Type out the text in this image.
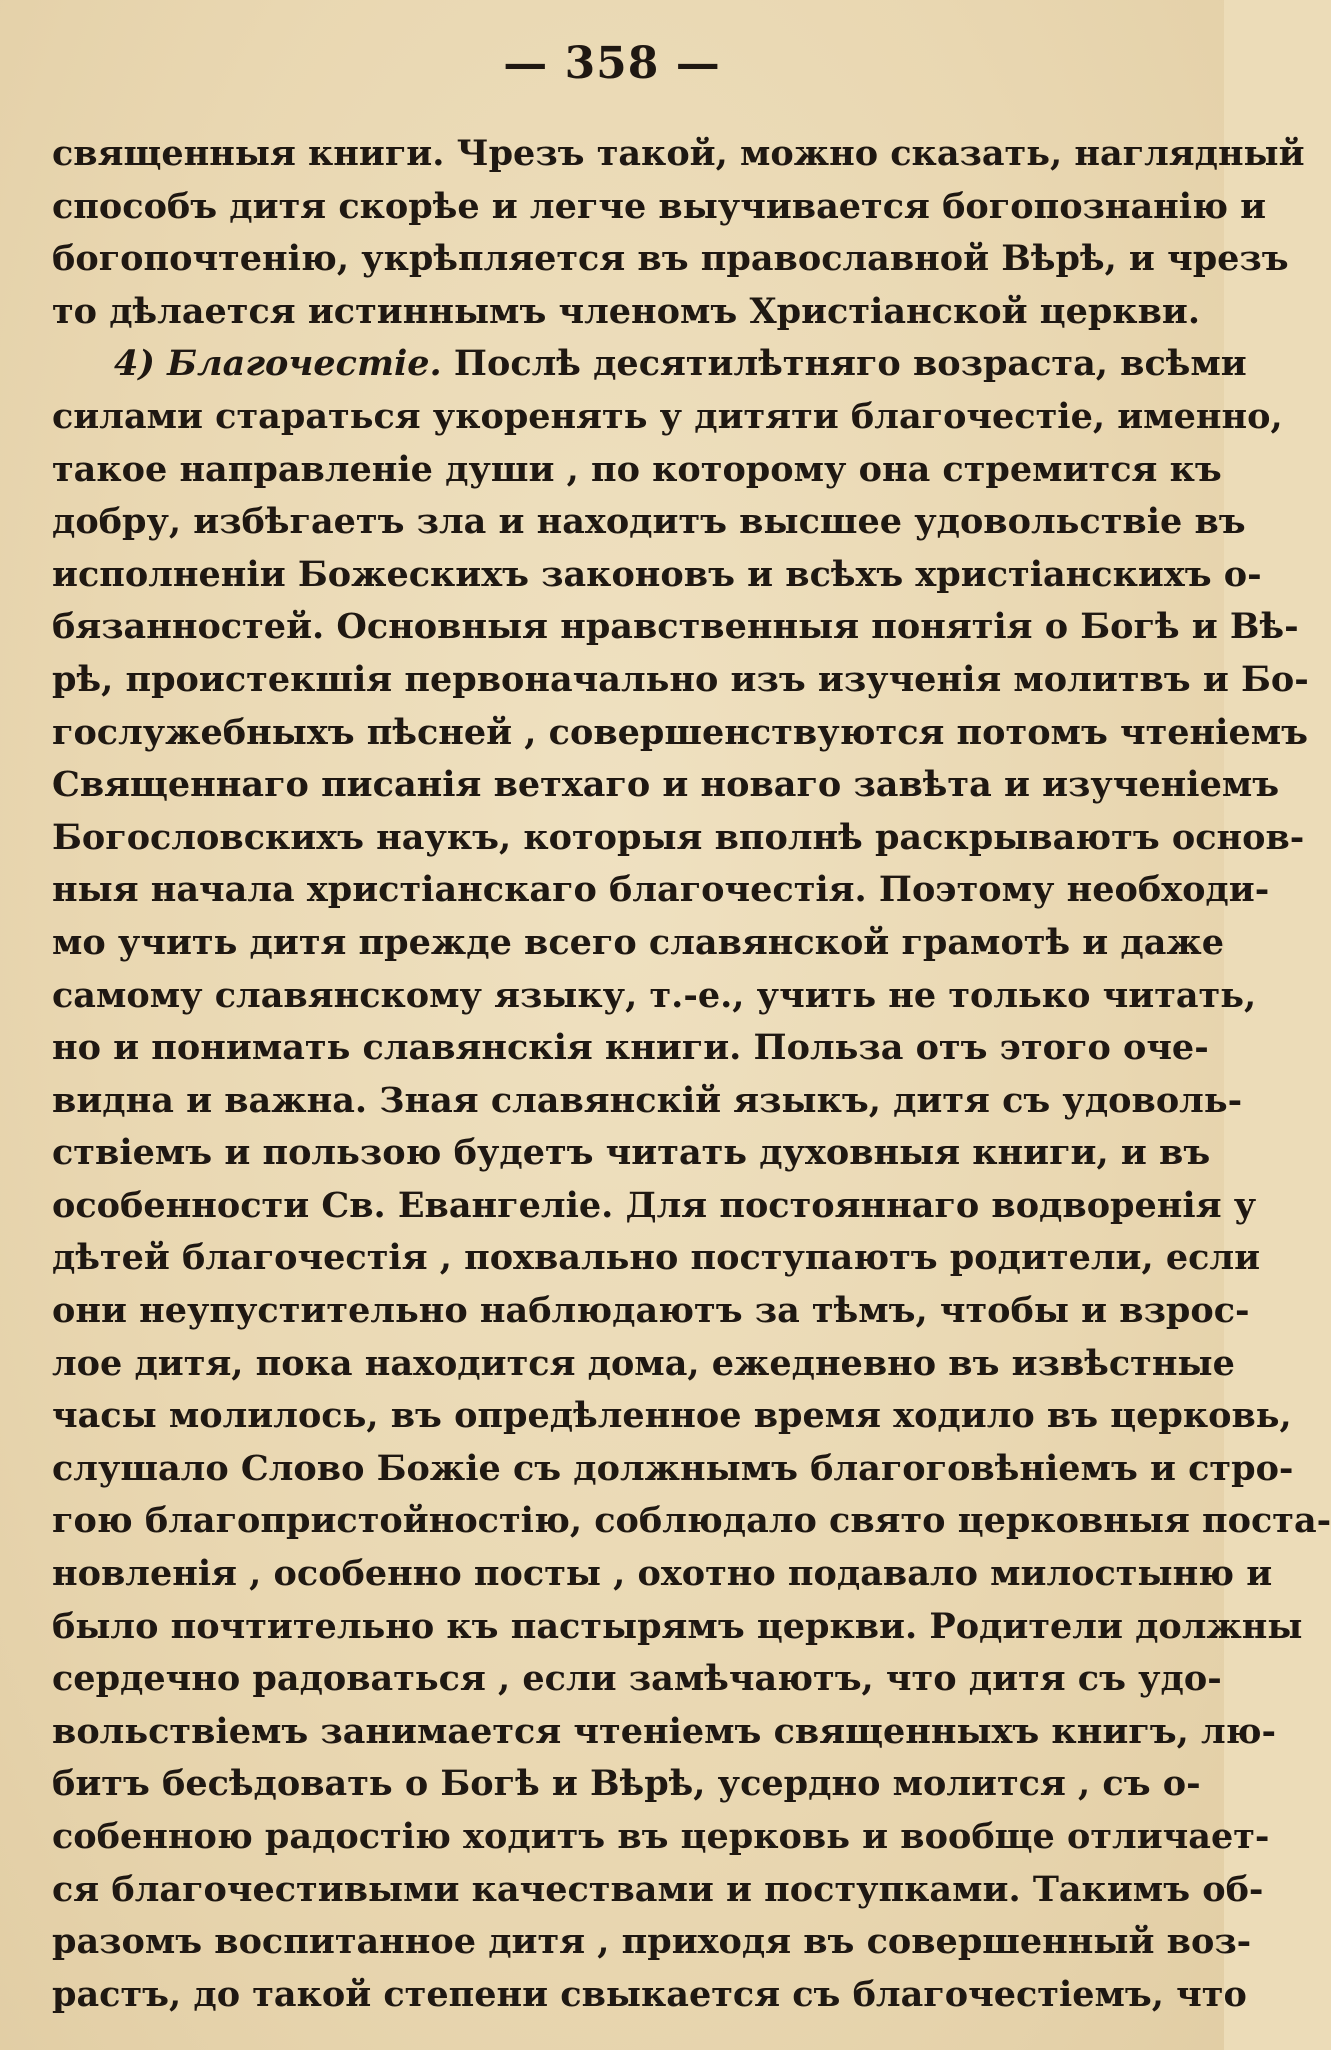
— 358 —
священныя книги. Чрезъ такой, можно сказать, наглядный
способъ дитя скорѣе и легче выучивается богопознанію и
богопочтенію, укрѣпляется въ православной Вѣрѣ, и чрезъ
то дѣлается истиннымъ членомъ Христіанской церкви.
4) Благочестіе. Послѣ десятилѣтняго возраста, всѣми
силами стараться укоренять у дитяти благочестіе, именно,
такое направленіе души , по которому она стремится къ
добру, избѣгаетъ зла и находитъ высшее удовольствіе въ
исполненіи Божескихъ законовъ и всѣхъ христіанскихъ о-
бязанностей. Основныя нравственныя понятія о Богѣ и Вѣ-
рѣ, проистекшія первоначально изъ изученія молитвъ и Бо-
гослужебныхъ пѣсней , совершенствуются потомъ чтеніемъ
Священнаго писанія ветхаго и новаго завѣта и изученіемъ
Богословскихъ наукъ, которыя вполнѣ раскрываютъ основ-
ныя начала христіанскаго благочестія. Поэтому необходи-
мо учить дитя прежде всего славянской грамотѣ и даже
самому славянскому языку, т.-е., учить не только читать,
но и понимать славянскія книги. Польза отъ этого оче-
видна и важна. Зная славянскій языкъ, дитя съ удоволь-
ствіемъ и пользою будетъ читать духовныя книги, и въ
особенности Св. Евангеліе. Для постояннаго водворенія у
дѣтей благочестія , похвально поступаютъ родители, если
они неупустительно наблюдаютъ за тѣмъ, чтобы и взрос-
лое дитя, пока находится дома, ежедневно въ извѣстные
часы молилось, въ опредѣленное время ходило въ церковь,
слушало Слово Божіе съ должнымъ благоговѣніемъ и стро-
гою благопристойностію, соблюдало свято церковныя поста-
новленія , особенно посты , охотно подавало милостыню и
было почтительно къ пастырямъ церкви. Родители должны
сердечно радоваться , если замѣчаютъ, что дитя съ удо-
вольствіемъ занимается чтеніемъ священныхъ книгъ, лю-
битъ бесѣдовать о Богѣ и Вѣрѣ, усердно молится , съ о-
собенною радостію ходитъ въ церковь и вообще отличает-
ся благочестивыми качествами и поступками. Такимъ об-
разомъ воспитанное дитя , приходя въ совершенный воз-
растъ, до такой степени свыкается съ благочестіемъ, что
